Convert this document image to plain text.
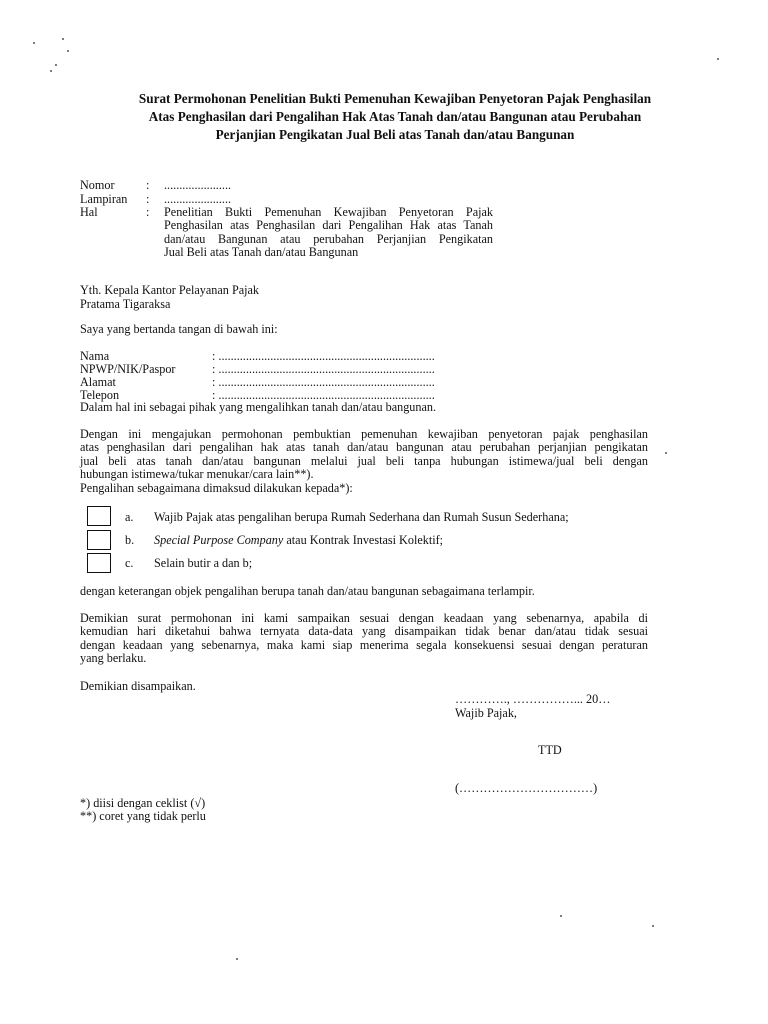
Surat Permohonan Penelitian Bukti Pemenuhan Kewajiban Penyetoran Pajak Penghasilan
Atas Penghasilan dari Pengalihan Hak Atas Tanah dan/atau Bangunan atau Perubahan
Perjanjian Pengikatan Jual Beli atas Tanah dan/atau Bangunan
Nomor	: ......................
Lampiran : ......................
Hal	: Penelitian Bukti Pemenuhan Kewajiban Penyetoran Pajak
Penghasilan atas Penghasilan dari Pengalihan Hak atas Tanah
dan/atau Bangunan atau perubahan Perjanjian Pengikatan
Jual Beli atas Tanah dan/atau Bangunan
Yth. Kepala Kantor Pelayanan Pajak
Pratama Tigaraksa
Saya yang bertanda tangan di bawah ini:
Nama	: .......................................................................
NPWP/NIK/Paspor	: .......................................................................
Alamat	: .......................................................................
Telepon	: .......................................................................
Dalam hal ini sebagai pihak yang mengalihkan tanah dan/atau bangunan.
Dengan ini mengajukan permohonan pembuktian pemenuhan kewajiban penyetoran pajak penghasilan
atas penghasilan dari pengalihan hak atas tanah dan/atau bangunan atau perubahan perjanjian pengikatan
jual beli atas tanah dan/atau bangunan melalui jual beli tanpa hubungan istimewa/jual beli dengan
hubungan istimewa/tukar menukar/cara lain**).
Pengalihan sebagaimana dimaksud dilakukan kepada*):
a. Wajib Pajak atas pengalihan berupa Rumah Sederhana dan Rumah Susun Sederhana;
b. Special Purpose Company atau Kontrak Investasi Kolektif;
c. Selain butir a dan b;
dengan keterangan objek pengalihan berupa tanah dan/atau bangunan sebagaimana terlampir.
Demikian surat permohonan ini kami sampaikan sesuai dengan keadaan yang sebenarnya, apabila di
kemudian hari diketahui bahwa ternyata data-data yang disampaikan tidak benar dan/atau tidak sesuai
dengan keadaan yang sebenarnya, maka kami siap menerima segala konsekuensi sesuai dengan peraturan
yang berlaku.
Demikian disampaikan.
…………., ……………... 20…
Wajib Pajak,
TTD
(……………………………)
*) diisi dengan ceklist (√)
**) coret yang tidak perlu
